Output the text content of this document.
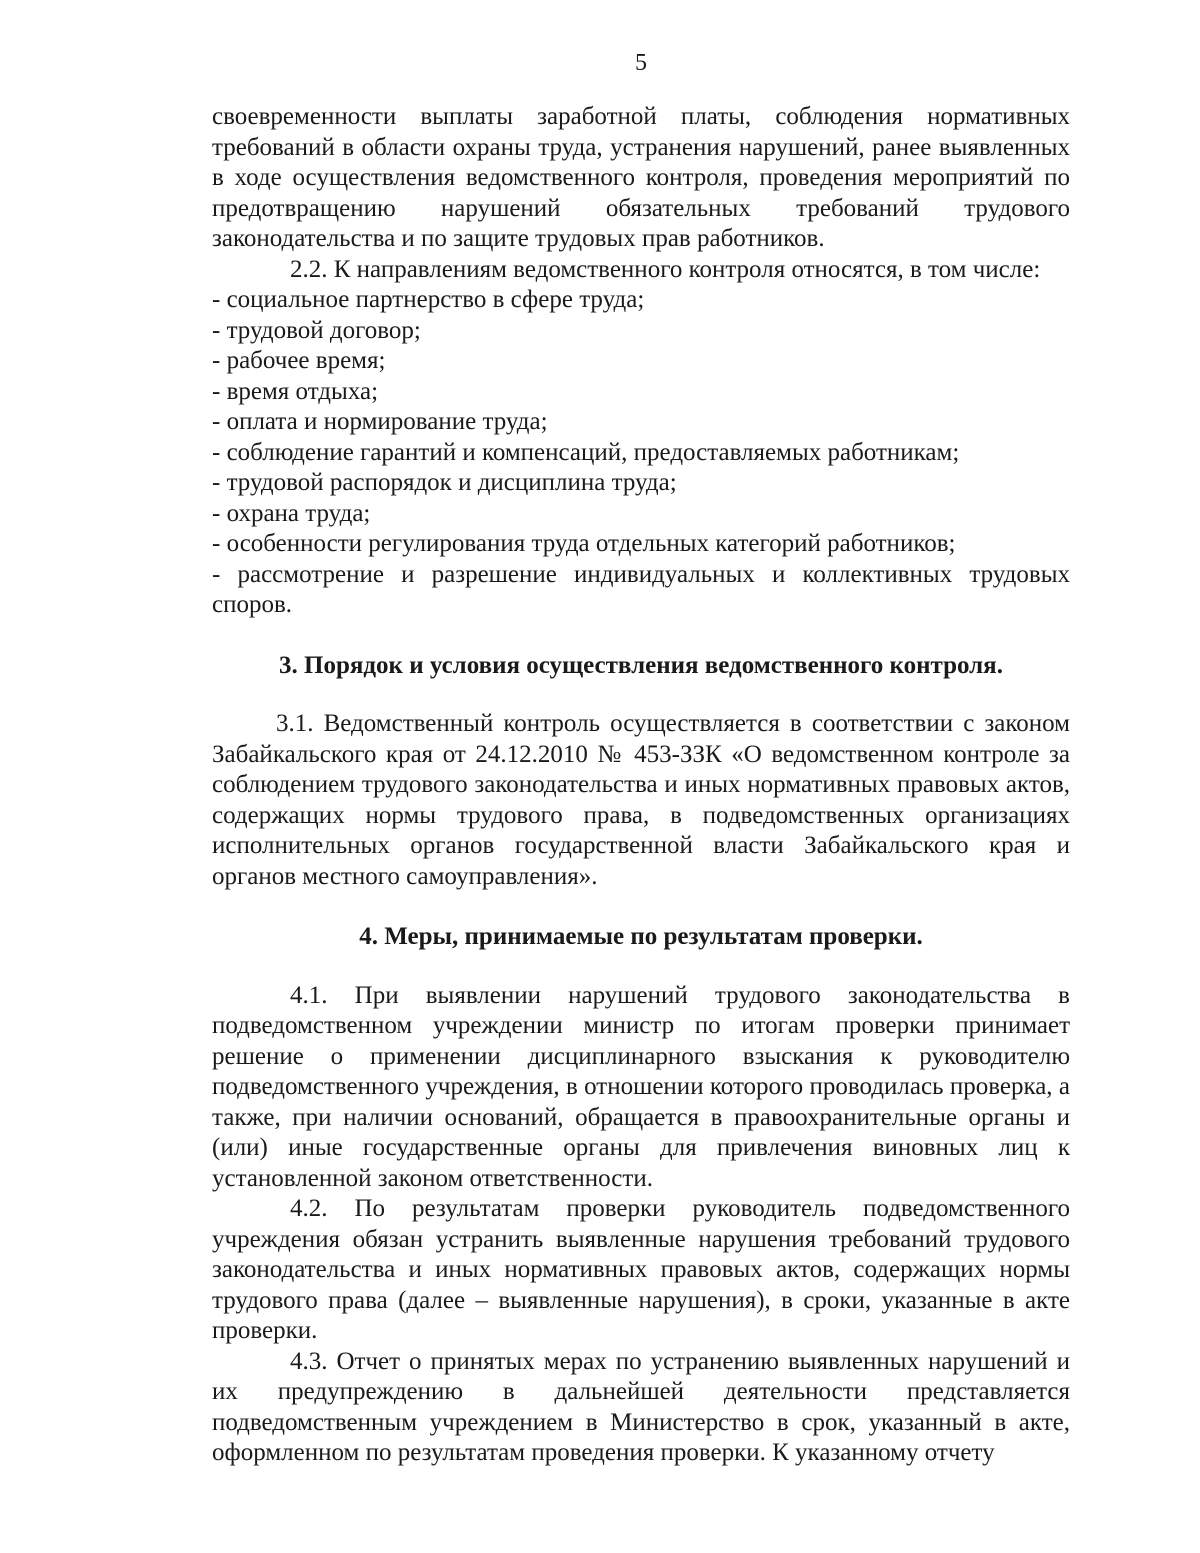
5

своевременности выплаты заработной платы, соблюдения нормативных требований в области охраны труда, устранения нарушений, ранее выявленных в ходе осуществления ведомственного контроля, проведения мероприятий по предотвращению нарушений обязательных требований трудового законодательства и по защите трудовых прав работников.

2.2. К направлениям ведомственного контроля относятся, в том числе:

- социальное партнерство в сфере труда;
- трудовой договор;
- рабочее время;
- время отдыха;
- оплата и нормирование труда;
- соблюдение гарантий и компенсаций, предоставляемых работникам;
- трудовой распорядок и дисциплина труда;
- охрана труда;
- особенности регулирования труда отдельных категорий работников;
- рассмотрение и разрешение индивидуальных и коллективных трудовых споров.
3. Порядок и условия осуществления ведомственного контроля.

3.1. Ведомственный контроль осуществляется в соответствии с законом Забайкальского края от 24.12.2010 № 453-ЗЗК «О ведомственном контроле за соблюдением трудового законодательства и иных нормативных правовых актов, содержащих нормы трудового права, в подведомственных организациях исполнительных органов государственной власти Забайкальского края и органов местного самоуправления».

4. Меры, принимаемые по результатам проверки.

4.1. При выявлении нарушений трудового законодательства в подведомственном учреждении министр по итогам проверки принимает решение о применении дисциплинарного взыскания к руководителю подведомственного учреждения, в отношении которого проводилась проверка, а также, при наличии оснований, обращается в правоохранительные органы и (или) иные государственные органы для привлечения виновных лиц к установленной законом ответственности.

4.2. По результатам проверки руководитель подведомственного учреждения обязан устранить выявленные нарушения требований трудового законодательства и иных нормативных правовых актов, содержащих нормы трудового права (далее – выявленные нарушения), в сроки, указанные в акте проверки.

4.3. Отчет о принятых мерах по устранению выявленных нарушений и их предупреждению в дальнейшей деятельности представляется подведомственным учреждением в Министерство в срок, указанный в акте, оформленном по результатам проведения проверки. К указанному отчету
